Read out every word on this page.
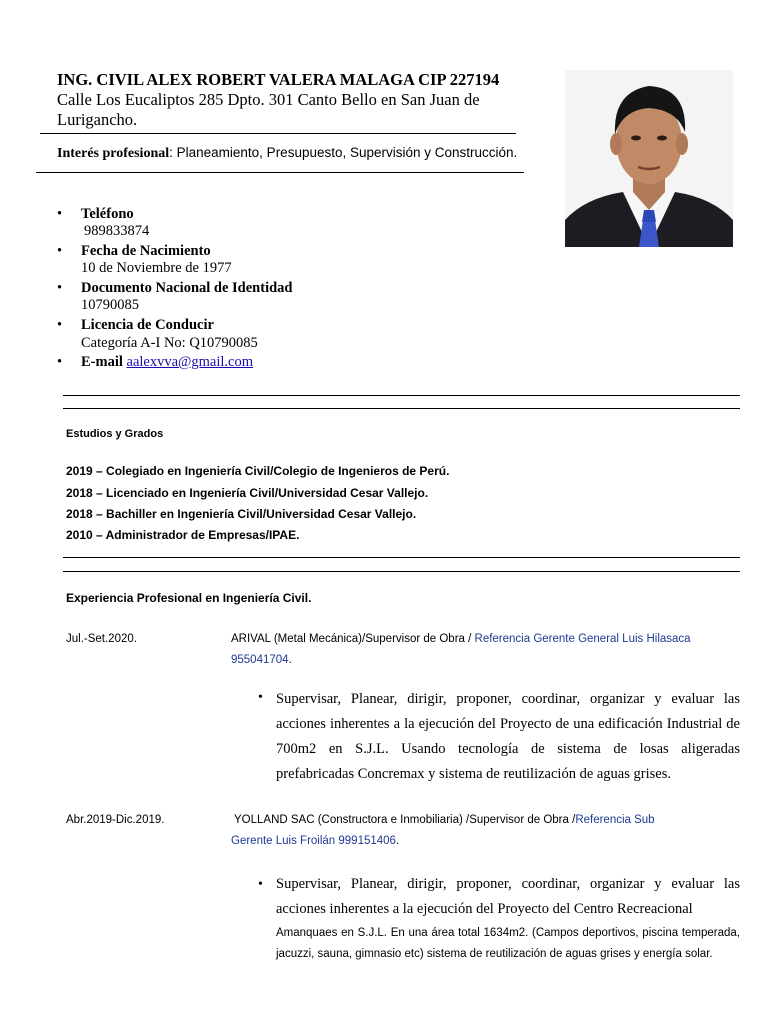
ING. CIVIL ALEX ROBERT VALERA MALAGA CIP 227194
Calle Los Eucaliptos 285 Dpto. 301 Canto Bello en San Juan de Lurigancho.
Interés profesional: Planeamiento, Presupuesto, Supervisión y Construcción.
•	Teléfono
989833874
•	Fecha de Nacimiento
10 de Noviembre de 1977
•	Documento Nacional de Identidad
10790085
•	Licencia de Conducir
Categoría A-I No: Q10790085
•	E-mail aalexvva@gmail.com
Estudios y Grados
2019 – Colegiado en Ingeniería Civil/Colegio de Ingenieros de Perú.
2018 – Licenciado en Ingeniería Civil/Universidad Cesar Vallejo.
2018 – Bachiller en Ingeniería Civil/Universidad Cesar Vallejo.
2010 – Administrador de Empresas/IPAE.
Experiencia Profesional en Ingeniería Civil.
Jul.-Set.2020.	ARIVAL (Metal Mecánica)/Supervisor de Obra / Referencia Gerente General Luis Hilasaca
955041704.
• Supervisar, Planear, dirigir, proponer, coordinar, organizar y evaluar las acciones inherentes a la ejecución del Proyecto de una edificación Industrial de 700m2 en S.J.L. Usando tecnología de sistema de losas aligeradas prefabricadas Concremax y sistema de reutilización de aguas grises.
Abr.2019-Dic.2019.	YOLLAND SAC (Constructora e Inmobiliaria) /Supervisor de Obra /Referencia Sub
Gerente Luis Froilán 999151406.
• Supervisar, Planear, dirigir, proponer, coordinar, organizar y evaluar las acciones inherentes a la ejecución del Proyecto del Centro Recreacional
Amanquaes en S.J.L. En una área total 1634m2. (Campos deportivos, piscina temperada, jacuzzi, sauna, gimnasio etc) sistema de reutilización de aguas grises y energía solar.
